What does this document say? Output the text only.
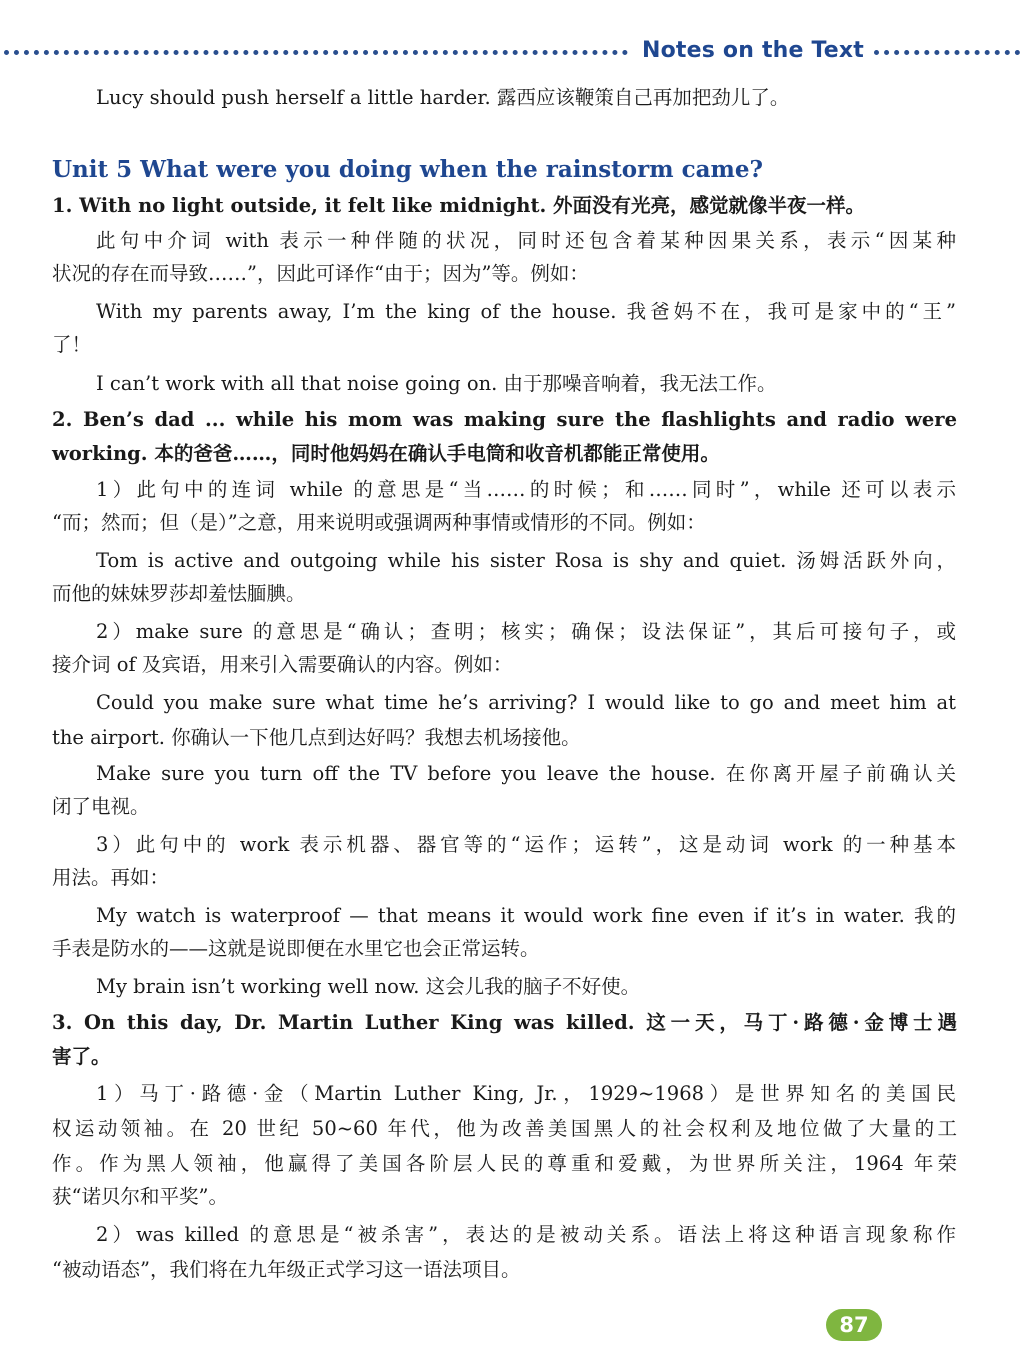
Notes on the Text
Lucy should push herself a little harder. 露西应该鞭策自己再加把劲儿了。
Unit 5 What were you doing when the rainstorm came?
1. With no light outside, it felt like midnight. 外面没有光亮，感觉就像半夜一样。
此句中介词 with 表示一种伴随的状况，同时还包含着某种因果关系，表示“因某种
状况的存在而导致……”，因此可译作“由于；因为”等。例如：
With my parents away, I’m the king of the house. 我爸妈不在，我可是家中的“王”
了！
I can’t work with all that noise going on. 由于那噪音响着，我无法工作。
2. Ben’s dad ... while his mom was making sure the flashlights and radio were
working. 本的爸爸……，同时他妈妈在确认手电筒和收音机都能正常使用。
1）此句中的连词 while 的意思是“当……的时候；和……同时”，while 还可以表示
“而；然而；但（是）”之意，用来说明或强调两种事情或情形的不同。例如：
Tom is active and outgoing while his sister Rosa is shy and quiet. 汤姆活跃外向，
而他的妹妹罗莎却羞怯腼腆。
2）make sure 的意思是“确认；查明；核实；确保；设法保证”，其后可接句子，或
接介词 of 及宾语，用来引入需要确认的内容。例如：
Could you make sure what time he’s arriving? I would like to go and meet him at
the airport. 你确认一下他几点到达好吗？我想去机场接他。
Make sure you turn off the TV before you leave the house. 在你离开屋子前确认关
闭了电视。
3）此句中的 work 表示机器、器官等的“运作；运转”，这是动词 work 的一种基本
用法。再如：
My watch is waterproof — that means it would work fine even if it’s in water. 我的
手表是防水的——这就是说即便在水里它也会正常运转。
My brain isn’t working well now. 这会儿我的脑子不好使。
3. On this day, Dr. Martin Luther King was killed. 这一天，马丁·路德·金博士遇
害了。
1）马丁·路德·金（Martin Luther King, Jr.，1929~1968）是世界知名的美国民
权运动领袖。在 20 世纪 50~60 年代，他为改善美国黑人的社会权利及地位做了大量的工
作。作为黑人领袖，他赢得了美国各阶层人民的尊重和爱戴，为世界所关注，1964 年荣
获“诺贝尔和平奖”。
2）was killed 的意思是“被杀害”，表达的是被动关系。语法上将这种语言现象称作
“被动语态”，我们将在九年级正式学习这一语法项目。
87
